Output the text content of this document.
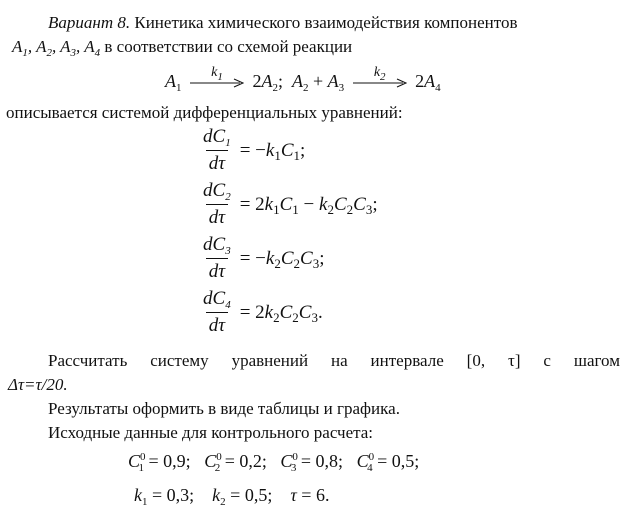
Вариант 8. Кинетика химического взаимодействия компонентов
$A_1$, $A_2$, $A_3$, $A_4$ в соответствии со схемой реакции
$A_1$
$k_1$	$2A_2$;  $A_2 + A_3$
$k_2$	$2A_4$
описывается системой дифференциальных уравнений:
$\frac{dC_1}{d\tau} = -k_1C_1$;
$\frac{dC_2}{d\tau} = 2k_1C_1 - k_2C_2C_3$;
$\frac{dC_3}{d\tau} = -k_2C_2C_3$;
$\frac{dC_4}{d\tau} = 2k_2C_2C_3$.
Рассчитать системy уравнений на интервале [0, τ] с шагом
Δτ=τ/20.
Результаты оформить в виде таблицы и графика.
Исходные данные для контрольного расчета:
$C^0_1 = 0,9$;   $C^0_2 = 0,2$;   $C^0_3 = 0,8$;   $C^0_4 = 0,5$;
$k_1 = 0,3$;    $k_2 = 0,5$;    τ = 6.
